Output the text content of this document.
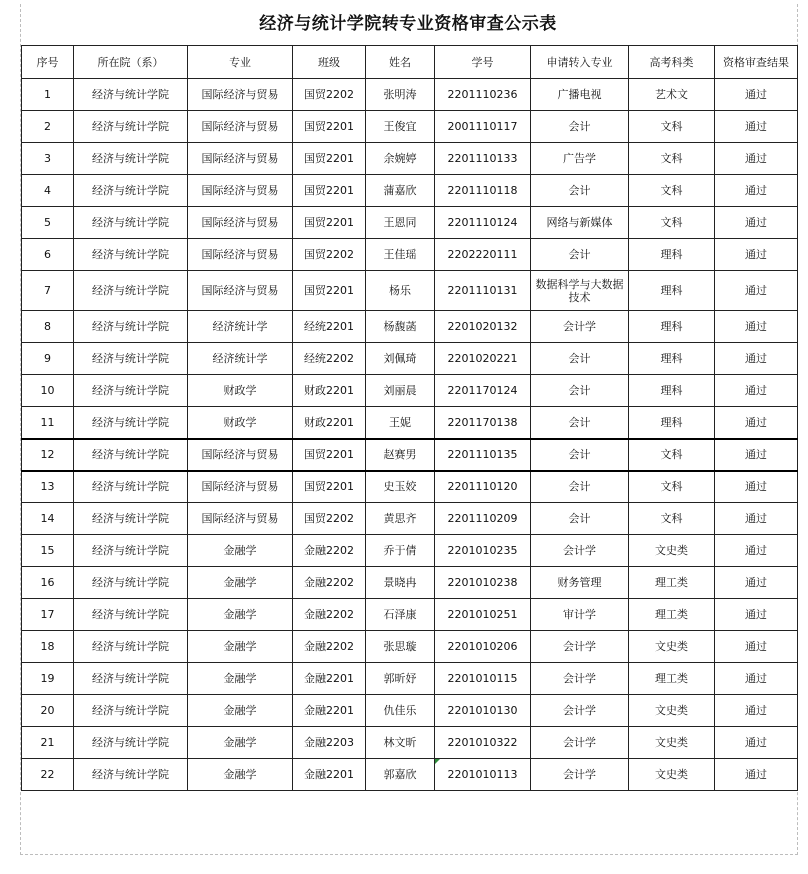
经济与统计学院转专业资格审查公示表
序号	所在院（系）	专业	班级	姓名	学号	申请转入专业	高考科类	资格审查结果
1	经济与统计学院	国际经济与贸易	国贸2202	张明涛	2201110236	广播电视	艺术文	通过
2	经济与统计学院	国际经济与贸易	国贸2201	王俊宜	2001110117	会计	文科	通过
3	经济与统计学院	国际经济与贸易	国贸2201	余婉婷	2201110133	广告学	文科	通过
4	经济与统计学院	国际经济与贸易	国贸2201	蒲嘉欣	2201110118	会计	文科	通过
5	经济与统计学院	国际经济与贸易	国贸2201	王恩同	2201110124	网络与新媒体	文科	通过
6	经济与统计学院	国际经济与贸易	国贸2202	王佳瑶	2202220111	会计	理科	通过
7	经济与统计学院	国际经济与贸易	国贸2201	杨乐	2201110131	数据科学与大数据技术	理科	通过
8	经济与统计学院	经济统计学	经统2201	杨馥菡	2201020132	会计学	理科	通过
9	经济与统计学院	经济统计学	经统2202	刘佩琦	2201020221	会计	理科	通过
10	经济与统计学院	财政学	财政2201	刘丽晨	2201170124	会计	理科	通过
11	经济与统计学院	财政学	财政2201	王妮	2201170138	会计	理科	通过
12	经济与统计学院	国际经济与贸易	国贸2201	赵赛男	2201110135	会计	文科	通过
13	经济与统计学院	国际经济与贸易	国贸2201	史玉姣	2201110120	会计	文科	通过
14	经济与统计学院	国际经济与贸易	国贸2202	黄思齐	2201110209	会计	文科	通过
15	经济与统计学院	金融学	金融2202	乔于倩	2201010235	会计学	文史类	通过
16	经济与统计学院	金融学	金融2202	景晓冉	2201010238	财务管理	理工类	通过
17	经济与统计学院	金融学	金融2202	石泽康	2201010251	审计学	理工类	通过
18	经济与统计学院	金融学	金融2202	张思璇	2201010206	会计学	文史类	通过
19	经济与统计学院	金融学	金融2201	郭昕妤	2201010115	会计学	理工类	通过
20	经济与统计学院	金融学	金融2201	仇佳乐	2201010130	会计学	文史类	通过
21	经济与统计学院	金融学	金融2203	林文昕	2201010322	会计学	文史类	通过
22	经济与统计学院	金融学	金融2201	郭嘉欣	2201010113	会计学	文史类	通过
